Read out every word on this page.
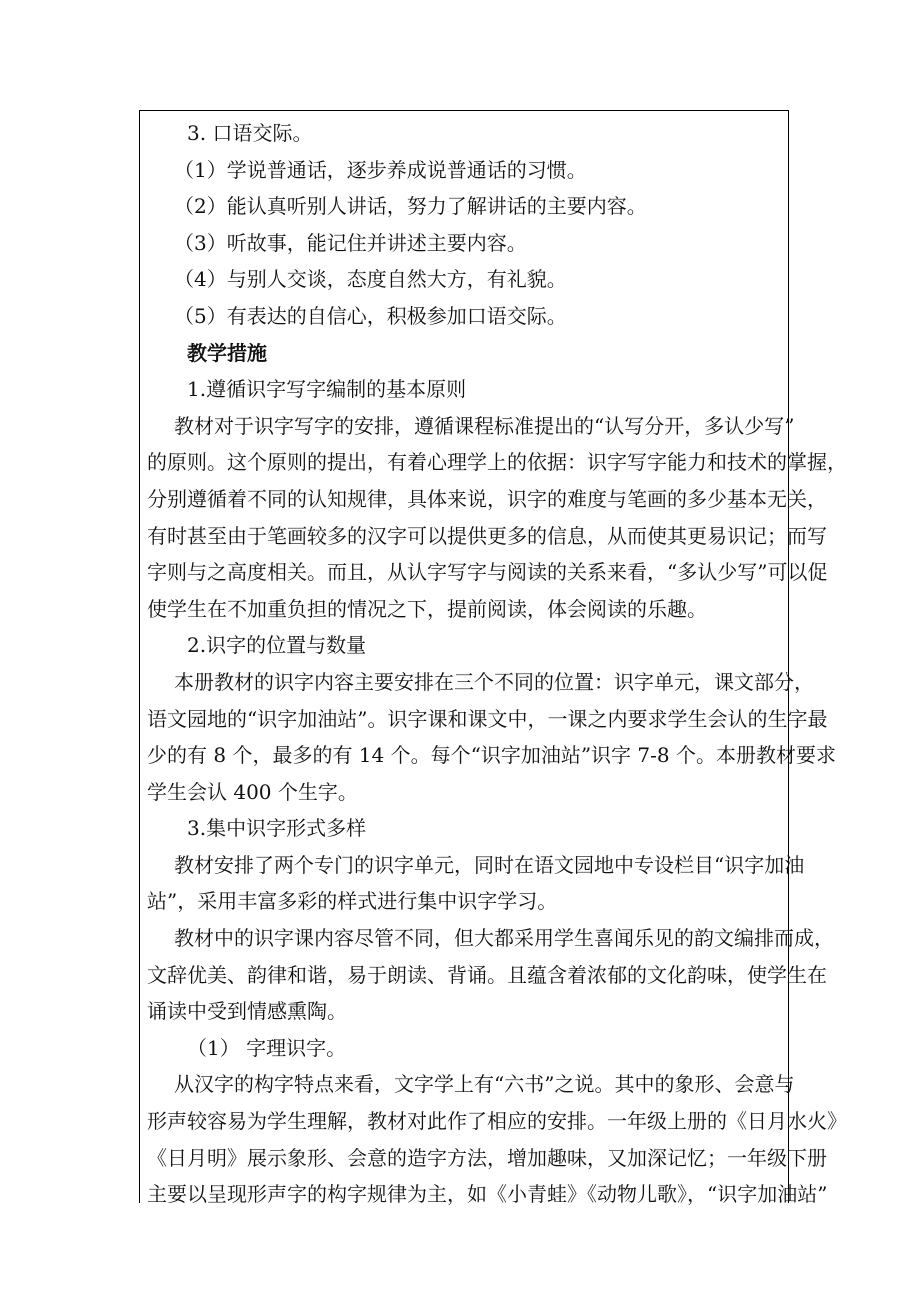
3. 口语交际。
（1）学说普通话，逐步养成说普通话的习惯。
（2）能认真听别人讲话，努力了解讲话的主要内容。
（3）听故事，能记住并讲述主要内容。
（4）与别人交谈，态度自然大方，有礼貌。
（5）有表达的自信心，积极参加口语交际。
教学措施
1.遵循识字写字编制的基本原则
教材对于识字写字的安排，遵循课程标准提出的“认写分开，多认少写”
的原则。这个原则的提出，有着心理学上的依据：识字写字能力和技术的掌握，
分别遵循着不同的认知规律，具体来说，识字的难度与笔画的多少基本无关，
有时甚至由于笔画较多的汉字可以提供更多的信息，从而使其更易识记；而写
字则与之高度相关。而且，从认字写字与阅读的关系来看，“多认少写”可以促
使学生在不加重负担的情况之下，提前阅读，体会阅读的乐趣。
2.识字的位置与数量
本册教材的识字内容主要安排在三个不同的位置：识字单元，课文部分，
语文园地的“识字加油站”。识字课和课文中，一课之内要求学生会认的生字最
少的有 8 个，最多的有 14 个。每个“识字加油站”识字 7-8 个。本册教材要求
学生会认 400 个生字。
3.集中识字形式多样
教材安排了两个专门的识字单元，同时在语文园地中专设栏目“识字加油
站”，采用丰富多彩的样式进行集中识字学习。
教材中的识字课内容尽管不同，但大都采用学生喜闻乐见的韵文编排而成，
文辞优美、韵律和谐，易于朗读、背诵。且蕴含着浓郁的文化韵味，使学生在
诵读中受到情感熏陶。
（1） 字理识字。
从汉字的构字特点来看，文字学上有“六书”之说。其中的象形、会意与
形声较容易为学生理解，教材对此作了相应的安排。一年级上册的《日月水火》
《日月明》展示象形、会意的造字方法，增加趣味，又加深记忆；一年级下册
主要以呈现形声字的构字规律为主，如《小青蛙》《动物儿歌》，“识字加油站”
